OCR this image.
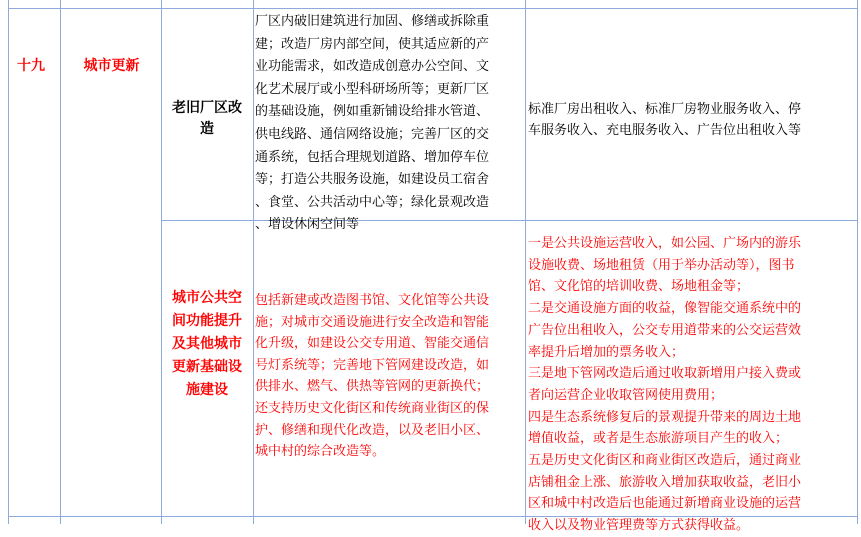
十九	城市更新
老旧厂区改
造
厂区内破旧建筑进行加固、修缮或拆除重
建；改造厂房内部空间，使其适应新的产
业功能需求，如改造成创意办公空间、文
化艺术展厅或小型科研场所等；更新厂区
的基础设施，例如重新铺设给排水管道、
供电线路、通信网络设施；完善厂区的交
通系统，包括合理规划道路、增加停车位
等；打造公共服务设施，如建设员工宿舍
、食堂、公共活动中心等；绿化景观改造
、增设休闲空间等
标准厂房出租收入、标准厂房物业服务收入、停
车服务收入、充电服务收入、广告位出租收入等
城市公共空
间功能提升
及其他城市
更新基础设
施建设
包括新建或改造图书馆、文化馆等公共设
施；对城市交通设施进行安全改造和智能
化升级，如建设公交专用道、智能交通信
号灯系统等；完善地下管网建设改造，如
供排水、燃气、供热等管网的更新换代；
还支持历史文化街区和传统商业街区的保
护、修缮和现代化改造，以及老旧小区、
城中村的综合改造等。
一是公共设施运营收入，如公园、广场内的游乐
设施收费、场地租赁（用于举办活动等），图书
馆、文化馆的培训收费、场地租金等；
二是交通设施方面的收益，像智能交通系统中的
广告位出租收入，公交专用道带来的公交运营效
率提升后增加的票务收入；
三是地下管网改造后通过收取新增用户接入费或
者向运营企业收取管网使用费用；
四是生态系统修复后的景观提升带来的周边土地
增值收益，或者是生态旅游项目产生的收入；
五是历史文化街区和商业街区改造后，通过商业
店铺租金上涨、旅游收入增加获取收益，老旧小
区和城中村改造后也能通过新增商业设施的运营
收入以及物业管理费等方式获得收益。
